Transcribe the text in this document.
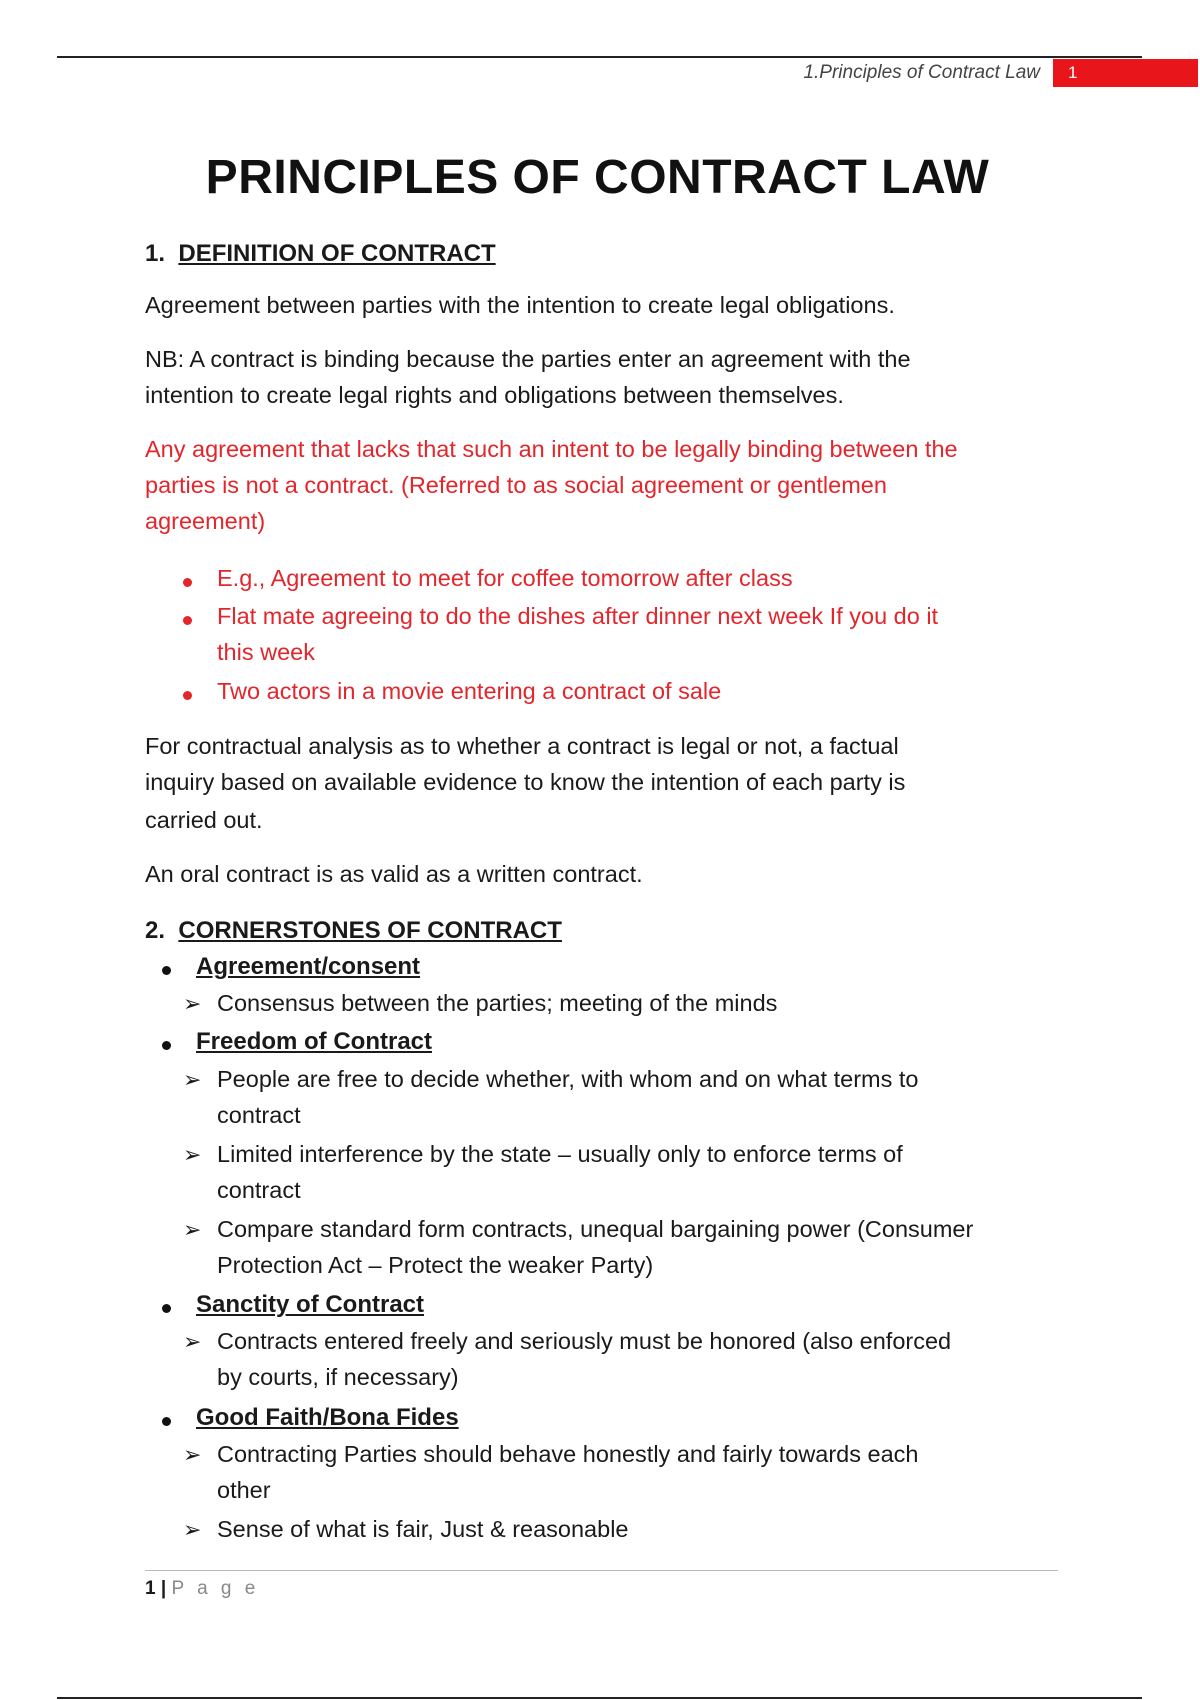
1.Principles of Contract Law	1
PRINCIPLES OF CONTRACT LAW
1. DEFINITION OF CONTRACT
Agreement between parties with the intention to create legal obligations.
NB: A contract is binding because the parties enter an agreement with the
intention to create legal rights and obligations between themselves.
Any agreement that lacks that such an intent to be legally binding between the
parties is not a contract. (Referred to as social agreement or gentlemen
agreement)
E.g., Agreement to meet for coffee tomorrow after class
Flat mate agreeing to do the dishes after dinner next week If you do it
this week
Two actors in a movie entering a contract of sale
For contractual analysis as to whether a contract is legal or not, a factual
inquiry based on available evidence to know the intention of each party is
carried out.
An oral contract is as valid as a written contract.
2. CORNERSTONES OF CONTRACT
Agreement/consent
➢ Consensus between the parties; meeting of the minds
Freedom of Contract
➢ People are free to decide whether, with whom and on what terms to
contract
➢ Limited interference by the state – usually only to enforce terms of
contract
➢ Compare standard form contracts, unequal bargaining power (Consumer
Protection Act – Protect the weaker Party)
Sanctity of Contract
➢ Contracts entered freely and seriously must be honored (also enforced
by courts, if necessary)
Good Faith/Bona Fides
➢ Contracting Parties should behave honestly and fairly towards each
other
➢ Sense of what is fair, Just & reasonable
1 | P a g e
